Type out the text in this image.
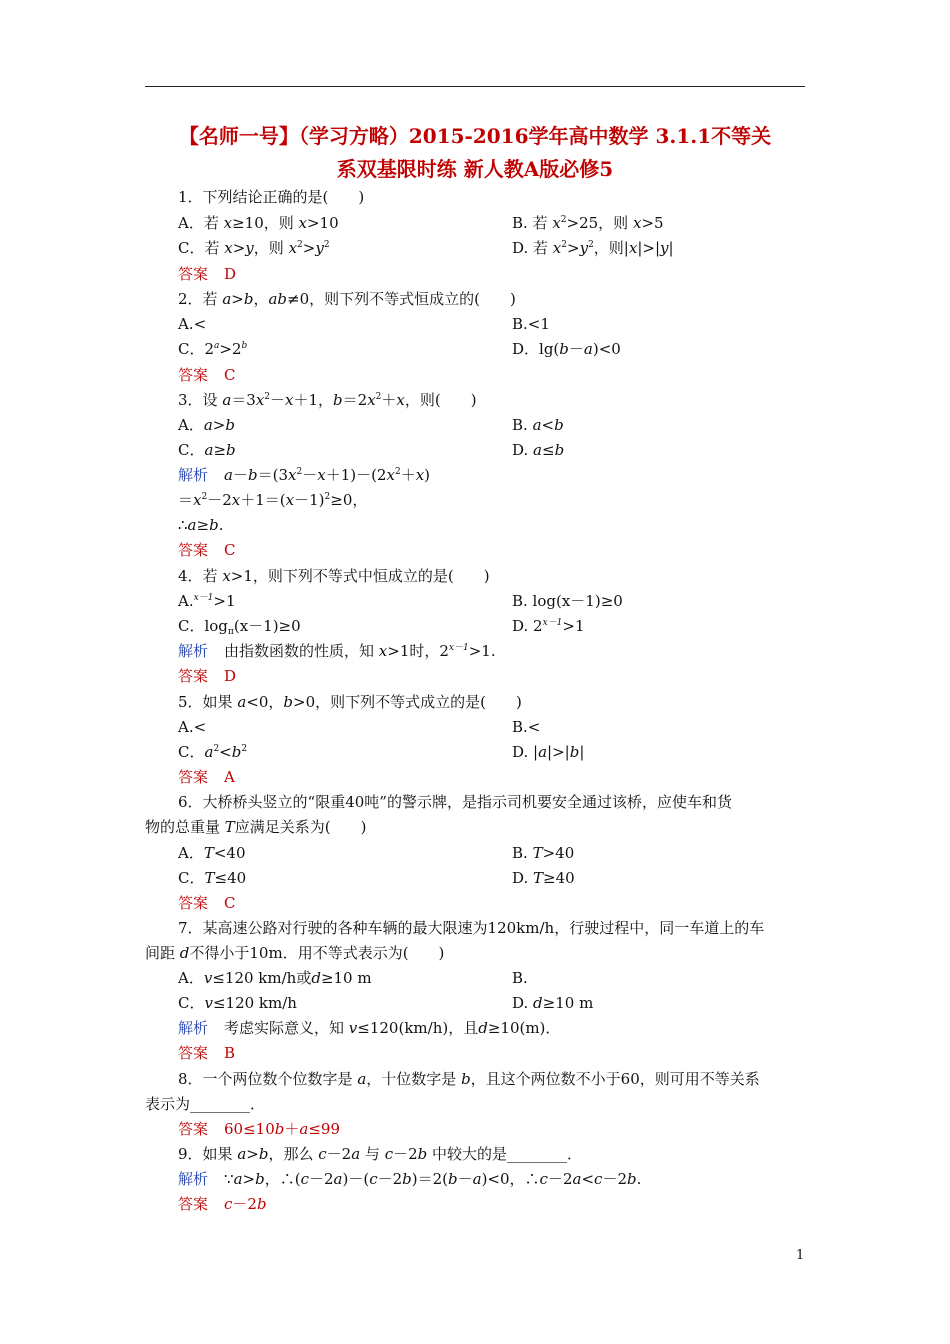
【名师一号】（学习方略）2015-2016学年高中数学 3.1.1不等关
系双基限时练 新人教A版必修5
1．下列结论正确的是(　　)
A．若 x≥10，则 x>10	B. 若 $x^2>25$，则 x>5
C．若 x>y，则 $x^2>y^2$	D. 若 $x^2>y^2$，则|x|>|y|
答案 D
2．若 a>b，ab≠0，则下列不等式恒成立的(　　)
A.<	B.<1
C．$2^a>2^b$	D．lg(b－a)<0
答案 C
3．设 $a=3x^2-x+1$，$b=2x^2+x$，则(　　)
A．a>b	B. a<b
C．a≥b	D. a≤b
解析 $a-b=(3x^2-x+1)-(2x^2+x)$
$=x^2-2x+1=(x-1)^2\ge 0$，
∴a≥b.
答案 C
4．若 x>1，则下列不等式中恒成立的是(　　)
A.$^{x-1}$>1	B. log(x－1)≥0
C．$\log_\pi(x-1)\ge 0$	D. $2^{x-1}>1$
解析 由指数函数的性质，知 x>1时，$2^{x-1}>1$.
答案 D
5．如果 a<0，b>0，则下列不等式成立的是(　　)
A.<	B.<
C．$a^2<b^2$	D. |a|>|b|
答案 A
6．大桥桥头竖立的“限重40吨”的警示牌，是指示司机要安全通过该桥，应使车和货
物的总重量 T应满足关系为(　　)
A．T<40	B. T>40
C．T≤40	D. T≥40
答案 C
7．某高速公路对行驶的各种车辆的最大限速为120km/h，行驶过程中，同一车道上的车
间距 d不得小于10m．用不等式表示为(　　)
A．v≤120 km/h或d≥10 m	B.
C．v≤120 km/h	D. d≥10 m
解析 考虑实际意义，知 v≤120(km/h)，且d≥10(m)．
答案 B
8．一个两位数个位数字是 a，十位数字是 b，且这个两位数不小于60，则可用不等关系
表示为________．
答案 60≤10b＋a≤99
9．如果 a>b，那么 c－2a 与 c－2b 中较大的是________．
解析 ∵a>b，∴(c－2a)－(c－2b)＝2(b－a)<0，∴c－2a<c－2b.
答案 c－2b
1
